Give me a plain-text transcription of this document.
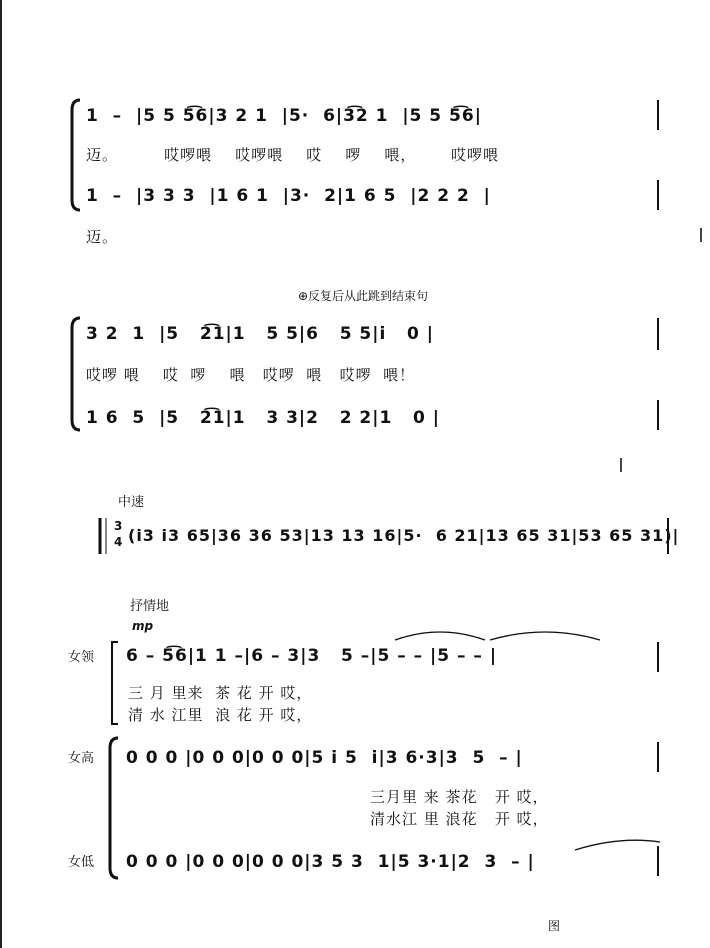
1  –  |5 5 5͡6|3 2 1  |5·  6|3͡2 1  |5 5 5͡6|
迈。        哎啰喂    哎啰喂    哎    啰    喂，      哎啰喂
1  –  |3 3 3  |1 6 1  |3·  2|1 6 5  |2 2 2  |
迈。
⊕反复后从此跳到结束句
3 2  1  |5   2͡1|1   5 5|6   5 5|i   0 |
哎啰 喂    哎  啰    喂   哎啰  喂   哎啰  喂！
1 6  5  |5   2͡1|1   3 3|2   2 2|1   0 |
中速
3
4 (i3 i3 65|36 36 53|13 13 16|5·  6 21|13 65 31|53 65 31)|
抒情地
mp
女领 6 – 5͡6|1 1 –|6 – 3|3   5 –|5 – – |5 – – |
三 月 里来  茶 花 开 哎，
清 水 江里  浪 花 开 哎，
女高 0 0 0 |0 0 0|0 0 0|5 i 5  i|3 6·3|3  5  – |
三月里 来 茶花   开 哎，
清水江 里 浪花   开 哎，
女低 0 0 0 |0 0 0|0 0 0|3 5 3  1|5 3·1|2  3  – |
图
